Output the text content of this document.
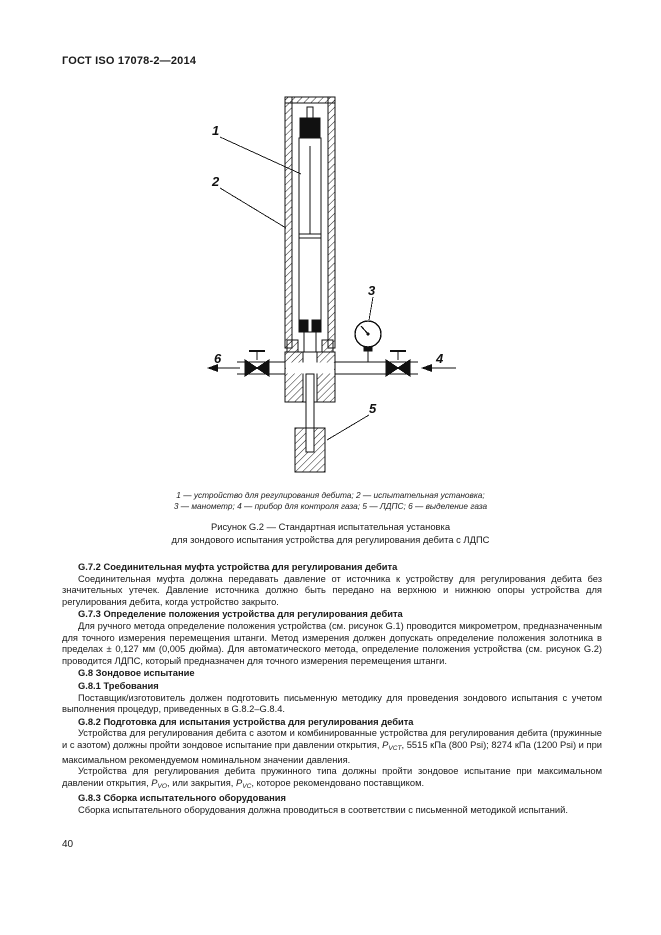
ГОСТ ISO 17078-2—2014
1
2
3
4
5
6
1 — устройство для регулирования дебита; 2 — испытательная установка;
3 — манометр; 4 — прибор для контроля газа; 5 — ЛДПС; 6 — выделение газа
Рисунок G.2 — Стандартная испытательная установка
для зондового испытания устройства для регулирования дебита с ЛДПС

G.7.2 Соединительная муфта устройства для регулирования дебита

Соединительная муфта должна передавать давление от источника к устройству для регулирования дебита без значительных утечек. Давление источника должно быть передано на верхнюю и нижнюю опоры устройства для регулирования дебита, когда устройство закрыто.

G.7.3 Определение положения устройства для регулирования дебита

Для ручного метода определение положения устройства (см. рисунок G.1) проводится микрометром, предназначенным для точного измерения перемещения штанги. Метод измерения должен допускать определение положения золотника в пределах ± 0,127 мм (0,005 дюйма). Для автоматического метода, определение положения устройства (см. рисунок G.2) проводится ЛДПС, который предназначен для точного измерения перемещения штанги.

G.8 Зондовое испытание

G.8.1 Требования

Поставщик/изготовитель должен подготовить письменную методику для проведения зондового испытания с учетом выполнения процедур, приведенных в G.8.2–G.8.4.

G.8.2 Подготовка для испытания устройства для регулирования дебита

Устройства для регулирования дебита с азотом и комбинированные устройства для регулирования дебита (пружинные и с азотом) должны пройти зондовое испытание при давлении открытия, $P_{VCT}$, 5515 кПа (800 Psi); 8274 кПа (1200 Psi) и при максимальном рекомендуемом номинальном значении давления.

Устройства для регулирования дебита пружинного типа должны пройти зондовое испытание при максимальном давлении открытия, $P_{VO}$, или закрытия, $P_{VC}$, которое рекомендовано поставщиком.

G.8.3 Сборка испытательного оборудования

Сборка испытательного оборудования должна проводиться в соответствии с письменной методикой испытаний.

40
